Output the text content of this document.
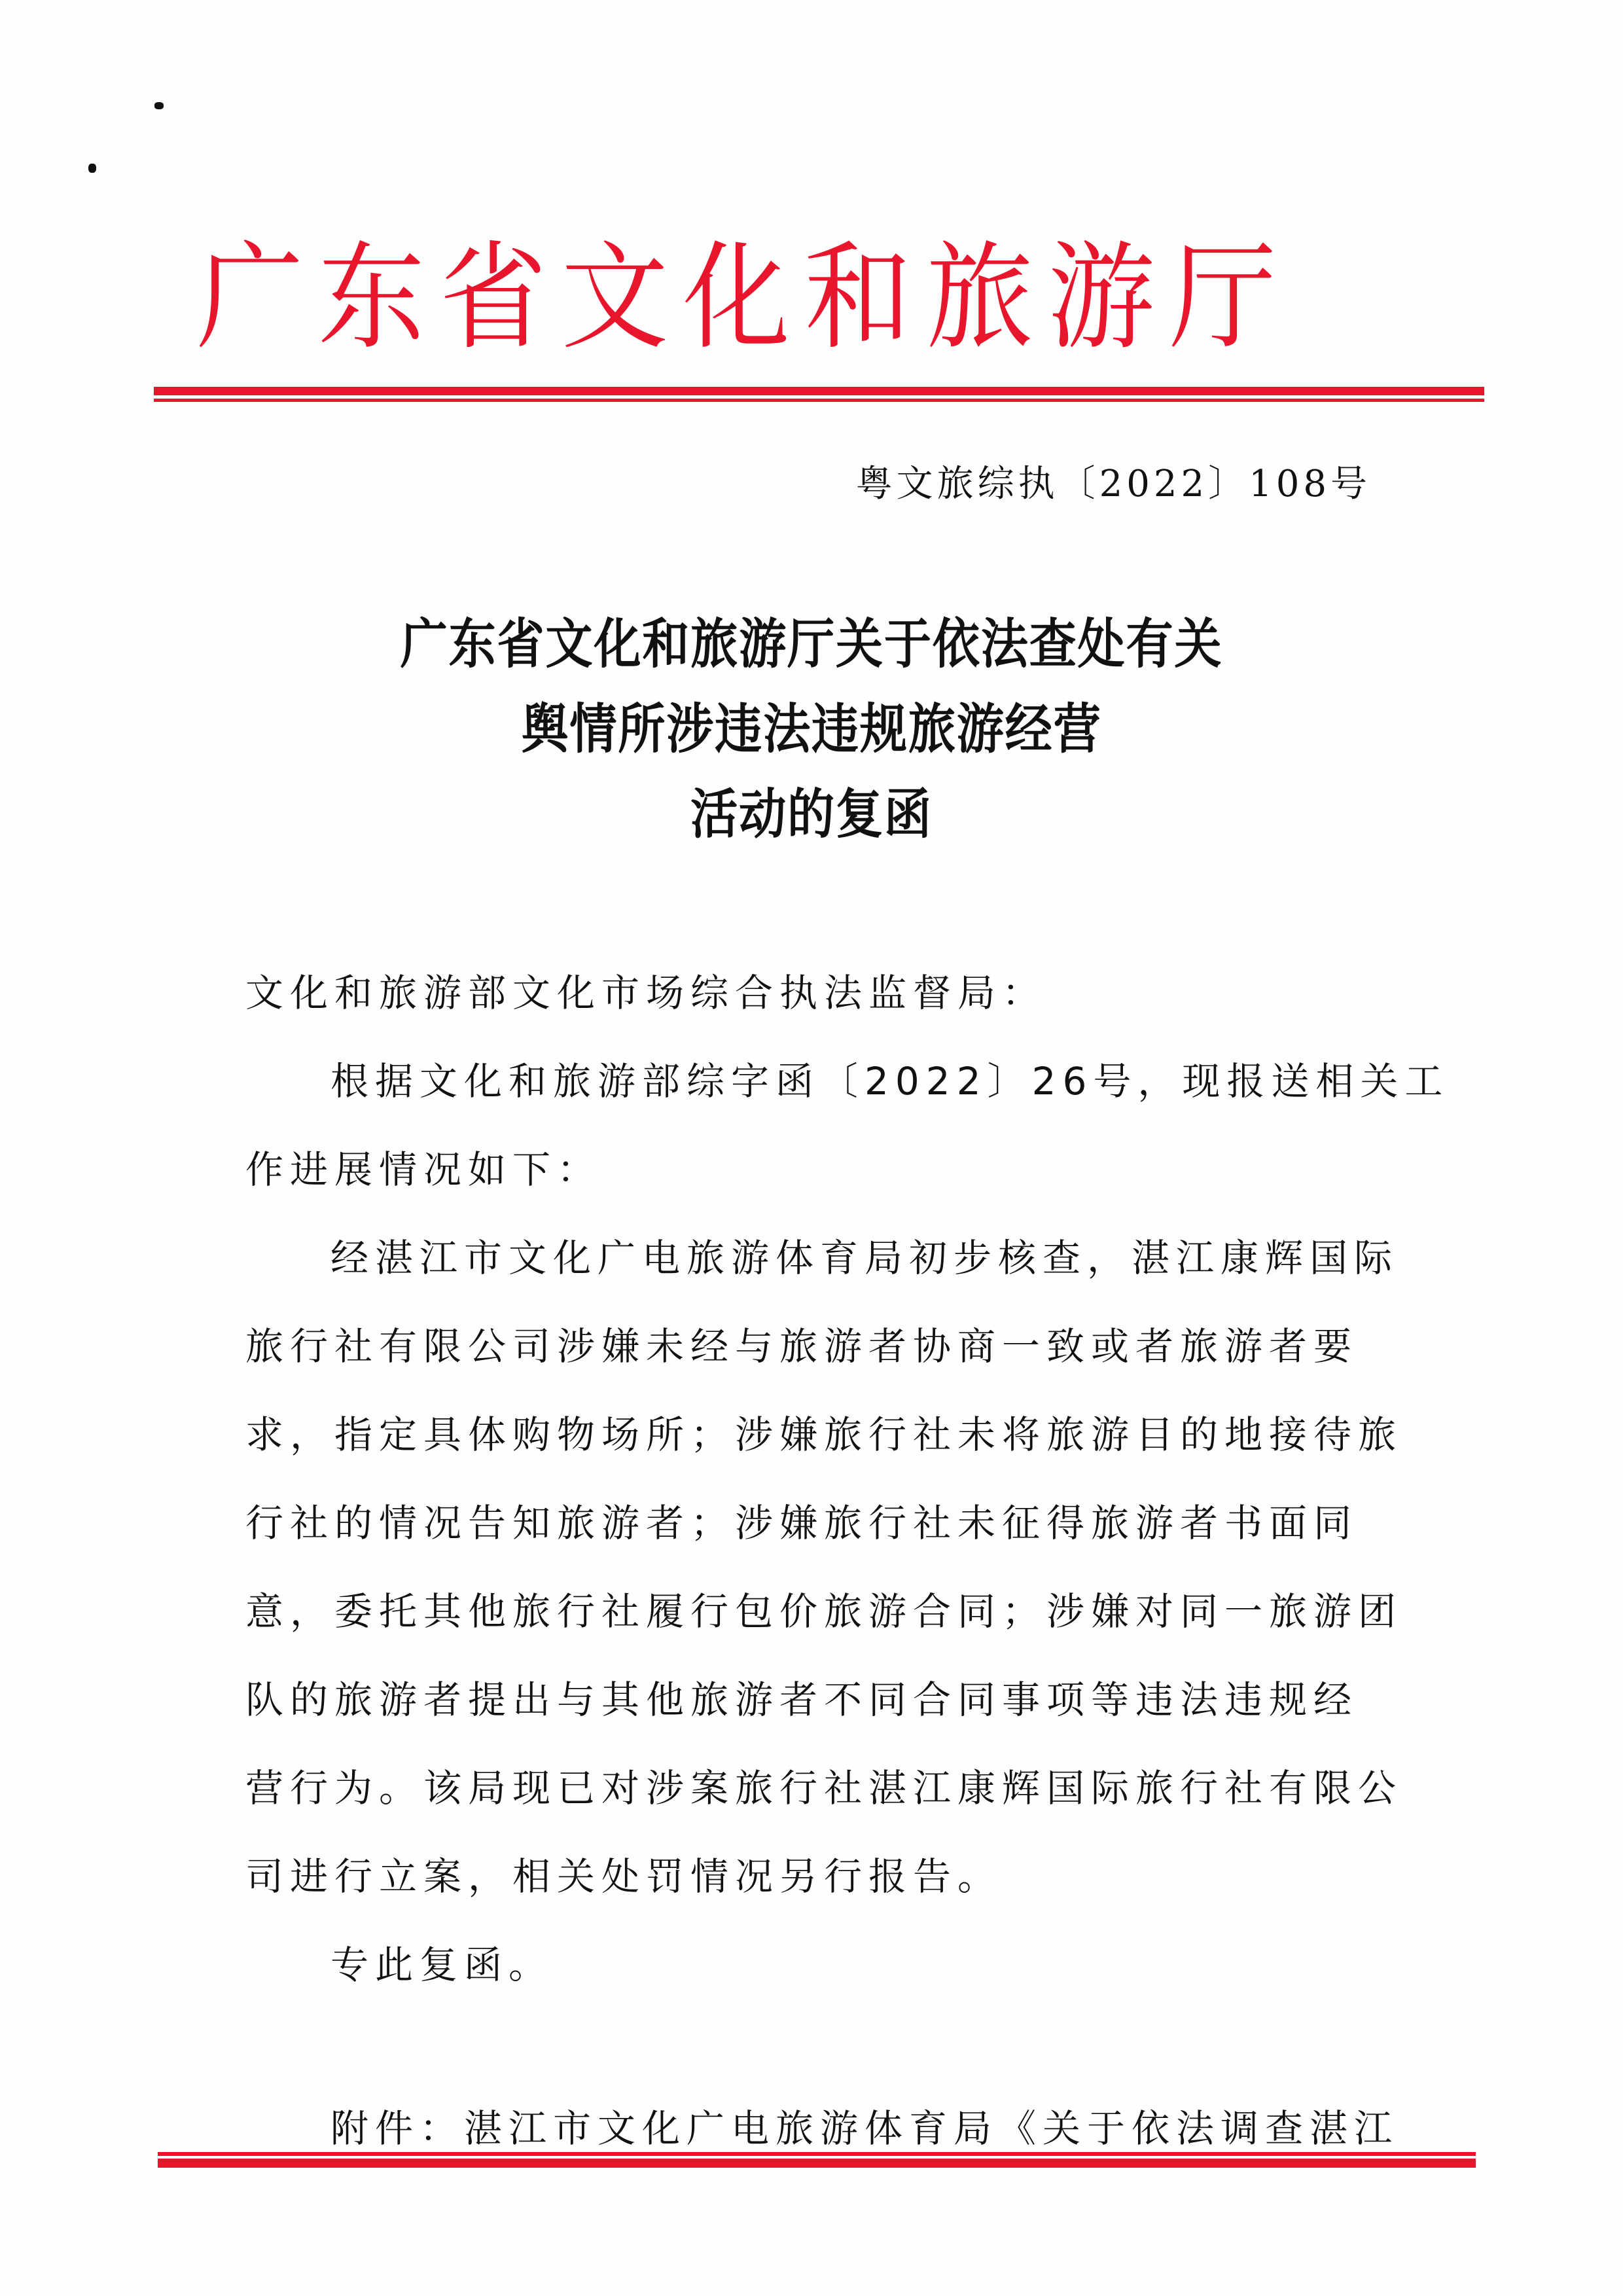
广东省文化和旅游厅
粤文旅综执〔2022〕108号
广东省文化和旅游厅关于依法查处有关
舆情所涉违法违规旅游经营
活动的复函
文化和旅游部文化市场综合执法监督局：
根据文化和旅游部综字函〔2022〕26号，现报送相关工
作进展情况如下：
经湛江市文化广电旅游体育局初步核查，湛江康辉国际
旅行社有限公司涉嫌未经与旅游者协商一致或者旅游者要
求，指定具体购物场所；涉嫌旅行社未将旅游目的地接待旅
行社的情况告知旅游者；涉嫌旅行社未征得旅游者书面同
意，委托其他旅行社履行包价旅游合同；涉嫌对同一旅游团
队的旅游者提出与其他旅游者不同合同事项等违法违规经
营行为。该局现已对涉案旅行社湛江康辉国际旅行社有限公
司进行立案，相关处罚情况另行报告。
专此复函。
附件：湛江市文化广电旅游体育局《关于依法调查湛江
